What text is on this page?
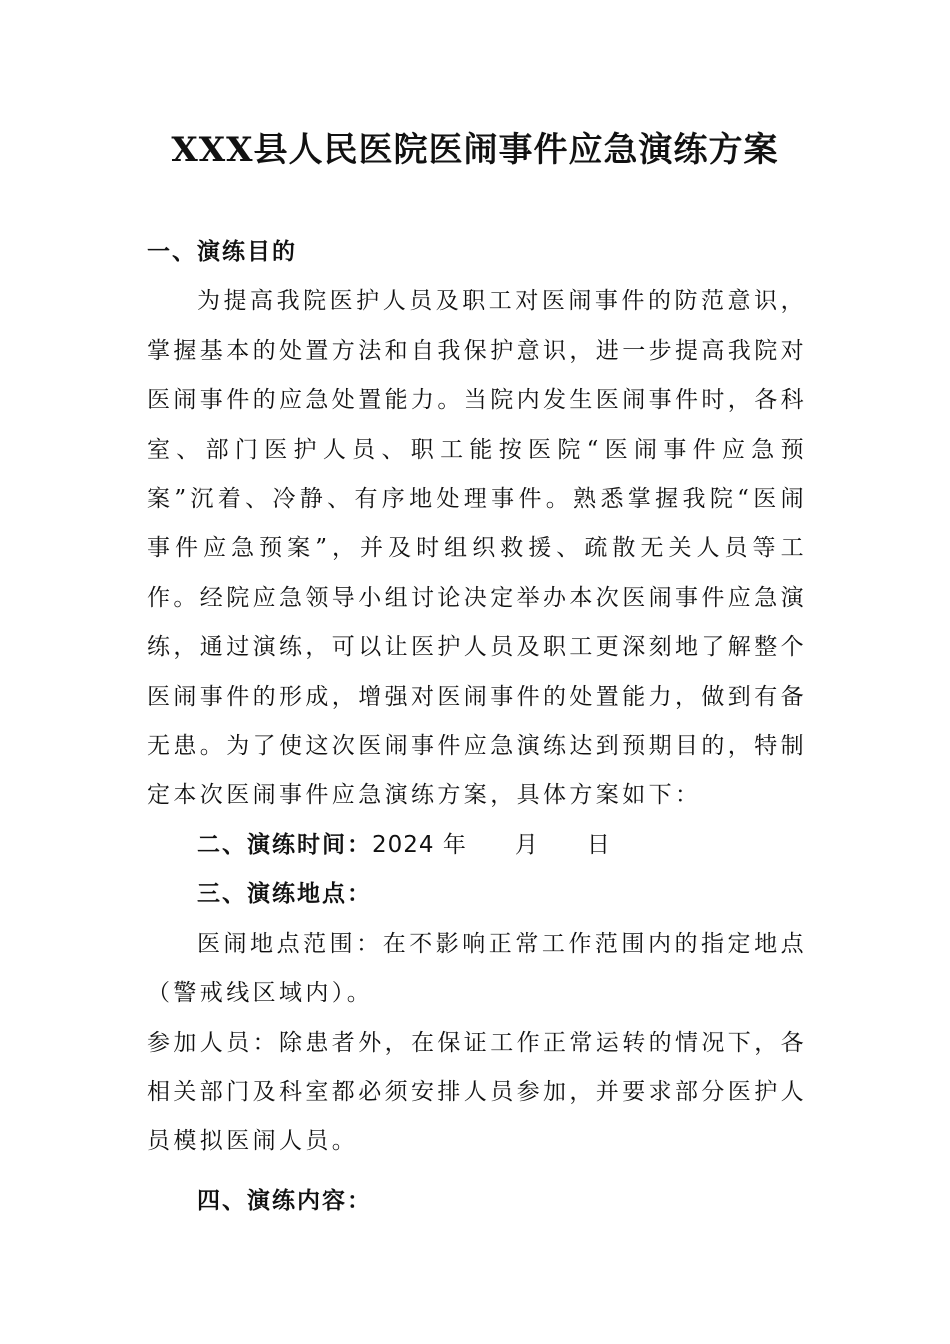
XXX县人民医院医闹事件应急演练方案
一、演练目的
为提高我院医护人员及职工对医闹事件的防范意识，掌握基本的处置方法和自我保护意识，进一步提高我院对医闹事件的应急处置能力。当院内发生医闹事件时，各科室、部门医护人员、职工能按医院“医闹事件应急预案”沉着、冷静、有序地处理事件。熟悉掌握我院“医闹事件应急预案”，并及时组织救援、疏散无关人员等工作。经院应急领导小组讨论决定举办本次医闹事件应急演练，通过演练，可以让医护人员及职工更深刻地了解整个医闹事件的形成，增强对医闹事件的处置能力，做到有备无患。为了使这次医闹事件应急演练达到预期目的，特制定本次医闹事件应急演练方案，具体方案如下：
二、演练时间：2024 年　　月　　日
三、演练地点：
医闹地点范围：在不影响正常工作范围内的指定地点（警戒线区域内）。
参加人员：除患者外，在保证工作正常运转的情况下，各相关部门及科室都必须安排人员参加，并要求部分医护人员模拟医闹人员。
四、演练内容：
